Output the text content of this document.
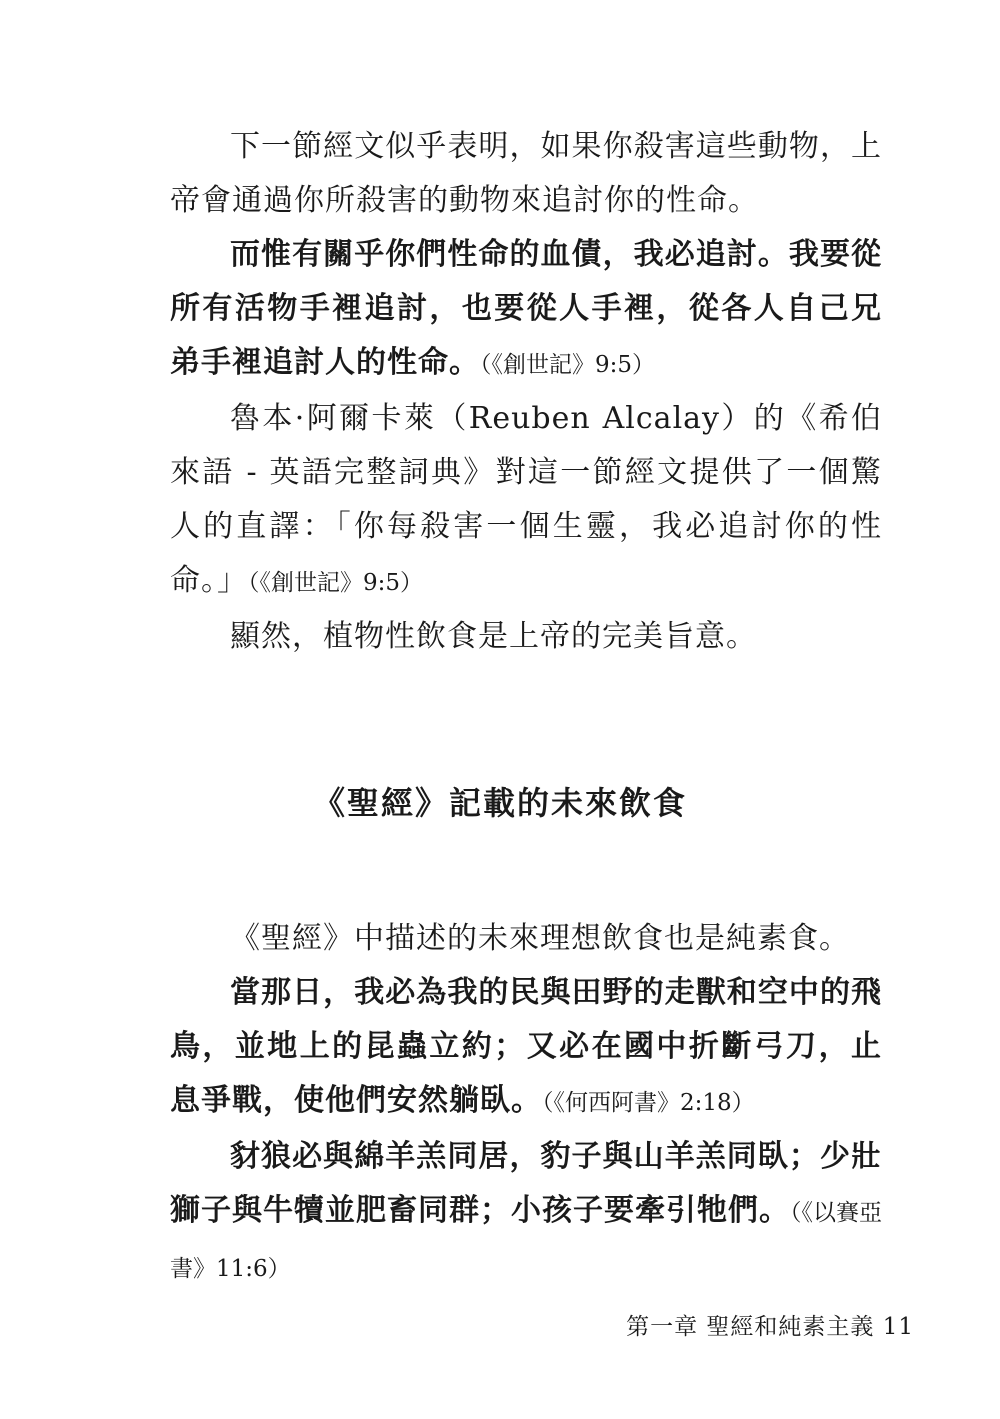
下一節經文似乎表明，如果你殺害這些動物，上帝會通過你所殺害的動物來追討你的性命。

而惟有關乎你們性命的血債，我必追討。我要從所有活物手裡追討，也要從人手裡，從各人自己兄弟手裡追討人的性命。（《創世記》9:5）

魯本·阿爾卡萊（Reuben Alcalay）的《希伯來語 - 英語完整詞典》對這一節經文提供了一個驚人的直譯：「你每殺害一個生靈，我必追討你的性命。」（《創世記》9:5）

顯然，植物性飲食是上帝的完美旨意。

《聖經》記載的未來飲食

《聖經》中描述的未來理想飲食也是純素食。

當那日，我必為我的民與田野的走獸和空中的飛鳥，並地上的昆蟲立約；又必在國中折斷弓刀，止息爭戰，使他們安然躺臥。（《何西阿書》2:18）

豺狼必與綿羊羔同居，豹子與山羊羔同臥；少壯獅子與牛犢並肥畜同群；小孩子要牽引牠們。（《以賽亞書》11:6）

第一章 聖經和純素主義 11
